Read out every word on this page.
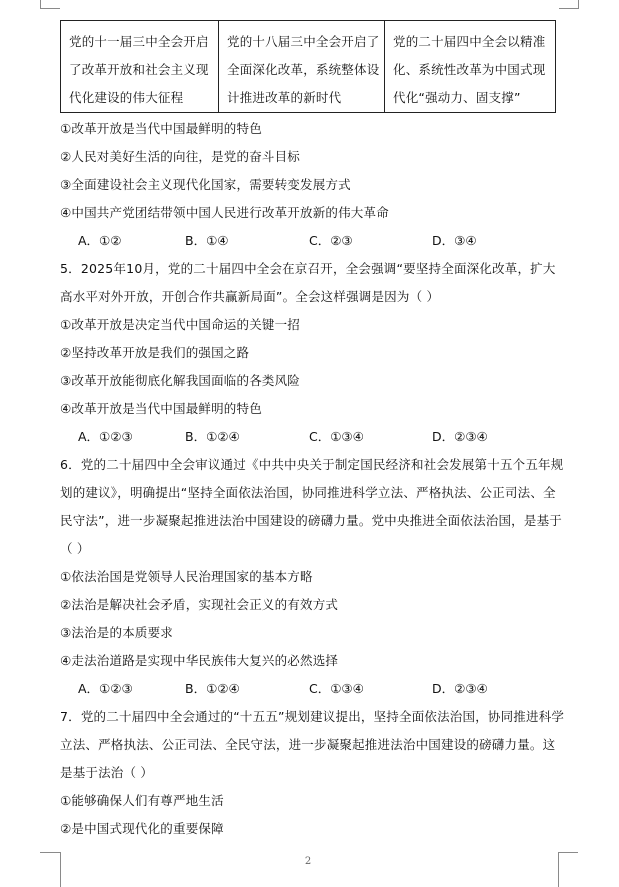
党的十一届三中全会开启了改革开放和社会主义现代化建设的伟大征程	党的十八届三中全会开启了全面深化改革，系统整体设计推进改革的新时代	党的二十届四中全会以精准化、系统性改革为中国式现代化“强动力、固支撑”
①改革开放是当代中国最鲜明的特色
②人民对美好生活的向往，是党的奋斗目标
③全面建设社会主义现代化国家，需要转变发展方式
④中国共产党团结带领中国人民进行改革开放新的伟大革命
A．①②	B．①④	C．②③	D．③④
5．2025年10月，党的二十届四中全会在京召开，全会强调“要坚持全面深化改革，扩大
高水平对外开放，开创合作共赢新局面”。全会这样强调是因为（ ）
①改革开放是决定当代中国命运的关键一招
②坚持改革开放是我们的强国之路
③改革开放能彻底化解我国面临的各类风险
④改革开放是当代中国最鲜明的特色
A．①②③	B．①②④	C．①③④	D．②③④
6．党的二十届四中全会审议通过《中共中央关于制定国民经济和社会发展第十五个五年规
划的建议》，明确提出“坚持全面依法治国，协同推进科学立法、严格执法、公正司法、全
民守法”，进一步凝聚起推进法治中国建设的磅礴力量。党中央推进全面依法治国，是基于
（ ）
①依法治国是党领导人民治理国家的基本方略
②法治是解决社会矛盾，实现社会正义的有效方式
③法治是的本质要求
④走法治道路是实现中华民族伟大复兴的必然选择
A．①②③	B．①②④	C．①③④	D．②③④
7．党的二十届四中全会通过的“十五五”规划建议提出，坚持全面依法治国，协同推进科学
立法、严格执法、公正司法、全民守法，进一步凝聚起推进法治中国建设的磅礴力量。这
是基于法治（ ）
①能够确保人们有尊严地生活
②是中国式现代化的重要保障
2
